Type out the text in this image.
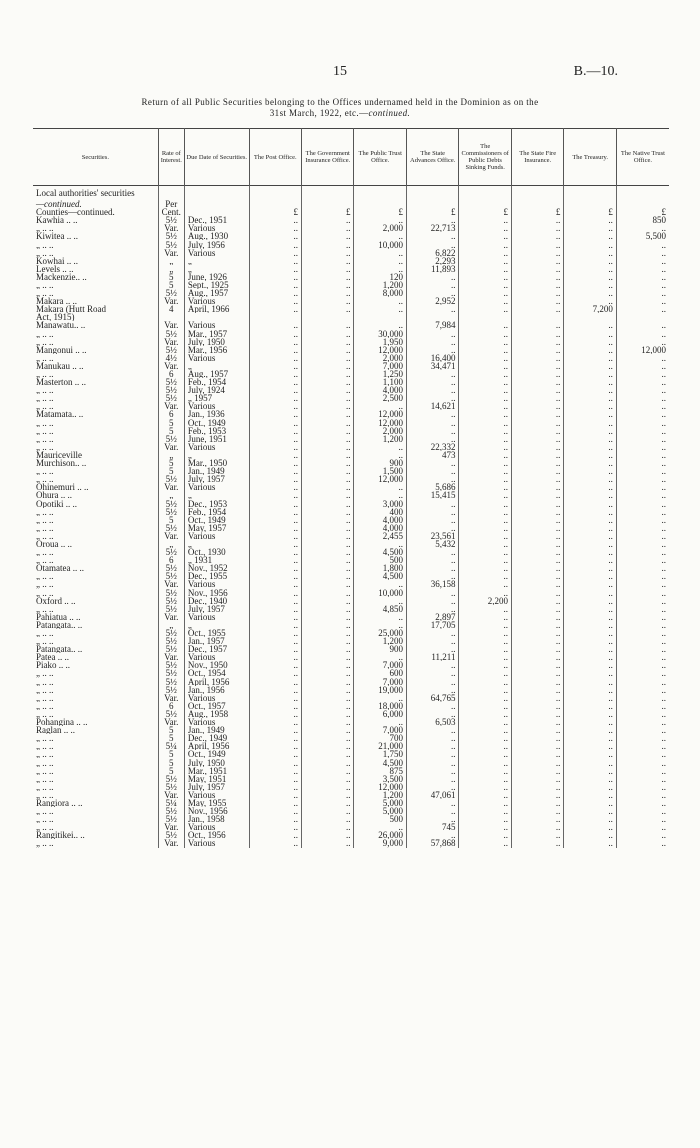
15	B.—10.
Return of all Public Securities belonging to the Offices undernamed held in the Dominion as on the
31st March, 1922, etc.—continued.
Securities.	Rate of Interest.	Due Date of Securities.	The Post Office.	The Government Insurance Office.	The Public Trust Office.	The State Advances Office.	The Commissioners of Public Debts Sinking Funds.	The State Fire Insurance.	The Treasury.	The Native Trust Office.
Local authorities' securities										
—continued.	Per									
Counties—continued.	Cent.		£	£	£	£	£	£	£	£
Kawhia .. ..	5½	Dec., 1951	..	..	..	..	..	..	..	850
„ .. ..	Var.	Various	..	..	2,000	22,713	..	..	..	..
Kiwitea .. ..	5½	Aug., 1930	..	..	..	..	..	..	..	5,500
„ .. ..	5½	July, 1956	..	..	10,000	..	..	..	..	..
„ .. ..	Var.	Various	..	..	..	6,822	..	..	..	..
Kowhai .. ..	„	„	..	..	..	2,293	..	..	..	..
Levels .. ..	„	„	..	..	..	11,893	..	..	..	..
Mackenzie.. ..	5	June, 1926	..	..	120	..	..	..	..	..
„ .. ..	5	Sept., 1925	..	..	1,200	..	..	..	..	..
„ .. ..	5½	Aug., 1957	..	..	8,000	..	..	..	..	..
Makara .. ..	Var.	Various	..	..	..	2,952	..	..	..	..
Makara (Hutt Road	4	April, 1966	..	..	..	..	..	..	7,200	..
Act, 1915)										
Manawatu.. ..	Var.	Various	..	..	..	7,984	..	..	..	..
„ .. ..	5½	Mar., 1957	..	..	30,000	..	..	..	..	..
„ .. ..	Var.	July, 1950	..	..	1,950	..	..	..	..	..
Mangonui .. ..	5½	Mar., 1956	..	..	12,000	..	..	..	..	12,000
„ .. ..	4½	Various	..	..	2,000	16,400	..	..	..	..
Manukau .. ..	Var.	„	..	..	7,000	34,471	..	..	..	..
„ .. ..	6	Aug., 1957	..	..	1,250	..	..	..	..	..
Masterton .. ..	5½	Feb., 1954	..	..	1,100	..	..	..	..	..
„ .. ..	5½	July, 1924	..	..	4,000	..	..	..	..	..
„ .. ..	5½	„ 1957	..	..	2,500	..	..	..	..	..
„ .. ..	Var.	Various	..	..	..	14,621	..	..	..	..
Matamata.. ..	6	Jan., 1936	..	..	12,000	..	..	..	..	..
„ .. ..	5	Oct., 1949	..	..	12,000	..	..	..	..	..
„ .. ..	5	Feb., 1953	..	..	2,000	..	..	..	..	..
„ .. ..	5½	June, 1951	..	..	1,200	..	..	..	..	..
„ .. ..	Var.	Various	..	..	..	22,332	..	..	..	..
Mauriceville	„	„	..	..	..	473	..	..	..	..
Murchison.. ..	5	Mar., 1950	..	..	900	..	..	..	..	..
„ .. ..	5	Jan., 1949	..	..	1,500	..	..	..	..	..
„ .. ..	5½	July, 1957	..	..	12,000	..	..	..	..	..
Ohinemuri .. ..	Var.	Various	..	..	..	5,686	..	..	..	..
Ohura .. ..	„	„	..	..	..	15,415	..	..	..	..
Opotiki .. ..	5½	Dec., 1953	..	..	3,000	..	..	..	..	..
„ .. ..	5½	Feb., 1954	..	..	400	..	..	..	..	..
„ .. ..	5	Oct., 1949	..	..	4,000	..	..	..	..	..
„ .. ..	5½	May, 1957	..	..	4,000	..	..	..	..	..
„ .. ..	Var.	Various	..	..	2,455	23,561	..	..	..	..
Oroua .. ..	„	„	..	..	..	5,432	..	..	..	..
„ .. ..	5½	Oct., 1930	..	..	4,500	..	..	..	..	..
„ .. ..	6	„ 1931	..	..	500	..	..	..	..	..
Otamatea .. ..	5½	Nov., 1952	..	..	1,800	..	..	..	..	..
„ .. ..	5½	Dec., 1955	..	..	4,500	..	..	..	..	..
„ .. ..	Var.	Various	..	..	..	36,158	..	..	..	..
„ .. ..	5½	Nov., 1956	..	..	10,000	..	..	..	..	..
Oxford .. ..	5½	Dec., 1940	..	..	..	..	2,200	..	..	..
„ .. ..	5½	July, 1957	..	..	4,850	..	..	..	..	..
Pahiatua .. ..	Var.	Various	..	..	..	2,897	..	..	..	..
Patangata.. ..	„	„	..	..	..	17,705	..	..	..	..
„ .. ..	5½	Oct., 1955	..	..	25,000	..	..	..	..	..
„ .. ..	5½	Jan., 1957	..	..	1,200	..	..	..	..	..
Patangata.. ..	5½	Dec., 1957	..	..	900	..	..	..	..	..
Patea .. ..	Var.	Various	..	..	..	11,211	..	..	..	..
Piako .. ..	5½	Nov., 1950	..	..	7,000	..	..	..	..	..
„ .. ..	5½	Oct., 1954	..	..	600	..	..	..	..	..
„ .. ..	5½	April, 1956	..	..	7,000	..	..	..	..	..
„ .. ..	5½	Jan., 1956	..	..	19,000	..	..	..	..	..
„ .. ..	Var.	Various	..	..	..	64,765	..	..	..	..
„ .. ..	6	Oct., 1957	..	..	18,000	..	..	..	..	..
„ .. ..	5½	Aug., 1958	..	..	6,000	..	..	..	..	..
Pohangina .. ..	Var.	Various	..	..	..	6,503	..	..	..	..
Raglan .. ..	5	Jan., 1949	..	..	7,000	..	..	..	..	..
„ .. ..	5	Dec., 1949	..	..	700	..	..	..	..	..
„ .. ..	5¼	April, 1956	..	..	21,000	..	..	..	..	..
„ .. ..	5	Oct., 1949	..	..	1,750	..	..	..	..	..
„ .. ..	5	July, 1950	..	..	4,500	..	..	..	..	..
„ .. ..	5	Mar., 1951	..	..	875	..	..	..	..	..
„ .. ..	5½	May, 1951	..	..	3,500	..	..	..	..	..
„ .. ..	5½	July, 1957	..	..	12,000	..	..	..	..	..
„ .. ..	Var.	Various	..	..	1,200	47,061	..	..	..	..
Rangiora .. ..	5¼	May, 1955	..	..	5,000	..	..	..	..	..
„ .. ..	5½	Nov., 1956	..	..	5,000	..	..	..	..	..
„ .. ..	5½	Jan., 1958	..	..	500	..	..	..	..	..
„ .. ..	Var.	Various	..	..	..	745	..	..	..	..
Rangitikei.. ..	5½	Oct., 1956	..	..	26,000	..	..	..	..	..
„ .. ..	Var.	Various	..	..	9,000	57,868	..	..	..	..
